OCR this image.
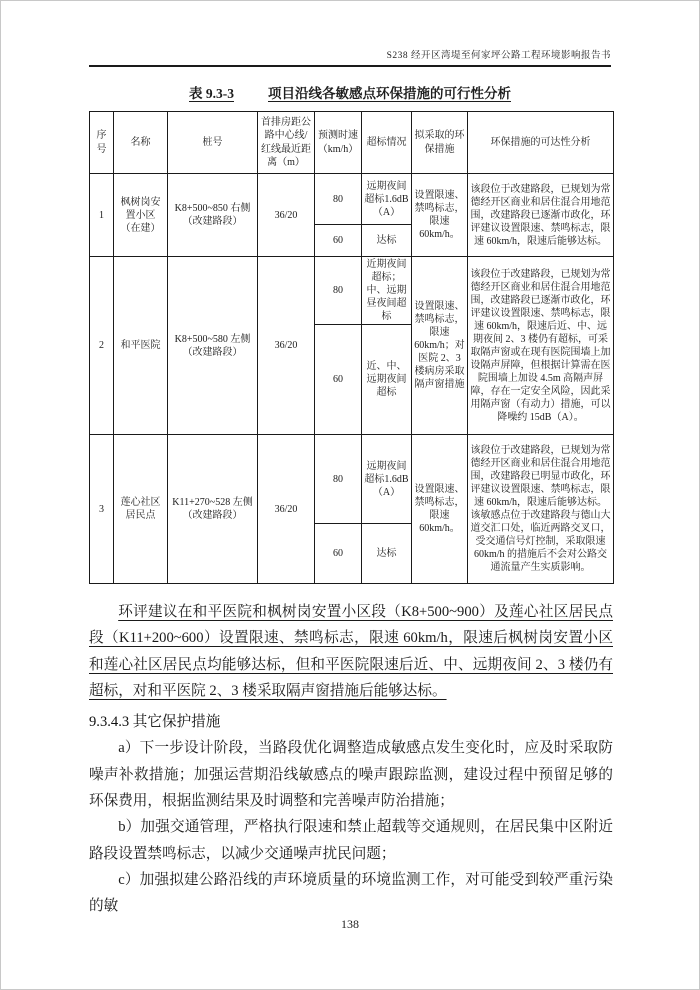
S238 经开区湾堤至何家坪公路工程环境影响报告书
表 9.3-3	项目沿线各敏感点环保措施的可行性分析
序号	名称	桩号	首排房距公路中心线/红线最近距离（m）	预测时速（km/h）	超标情况	拟采取的环保措施	环保措施的可达性分析
1	枫树岗安置小区（在建）	K8+500~850 右侧（改建路段）	36/20	80	远期夜间超标1.6dB（A）	设置限速、禁鸣标志，限速 60km/h。	该段位于改建路段，已规划为常德经开区商业和居住混合用地范围，改建路段已逐渐市政化，环评建议设置限速、禁鸣标志，限速 60km/h，限速后能够达标。
				60	达标		
2	和平医院	K8+500~580 左侧（改建路段）	36/20	80	近期夜间超标；中、远期昼夜间超标	设置限速、禁鸣标志，限速 60km/h；对医院 2、3 楼病房采取隔声窗措施	该段位于改建路段，已规划为常德经开区商业和居住混合用地范围，改建路段已逐渐市政化，环评建议设置限速、禁鸣标志，限速 60km/h，限速后近、中、远期夜间 2、3 楼仍有超标，可采取隔声窗或在现有医院围墙上加设隔声屏障，但根据计算需在医院围墙上加设 4.5m 高隔声屏障，存在一定安全风险，因此采用隔声窗（有动力）措施，可以降噪约 15dB（A）。
				60	近、中、远期夜间超标		
3	莲心社区居民点	K11+270~528 左侧（改建路段）	36/20	80	远期夜间超标1.6dB（A）	设置限速、禁鸣标志，限速 60km/h。	该段位于改建路段，已规划为常德经开区商业和居住混合用地范围，改建路段已明显市政化，环评建议设置限速、禁鸣标志，限速 60km/h，限速后能够达标。该敏感点位于改建路段与德山大道交汇口处，临近两路交叉口，受交通信号灯控制，采取限速 60km/h 的措施后不会对公路交通流量产生实质影响。
				60	达标		

环评建议在和平医院和枫树岗安置小区段（K8+500~900）及莲心社区居民点段（K11+200~600）设置限速、禁鸣标志，限速 60km/h，限速后枫树岗安置小区和莲心社区居民点均能够达标，但和平医院限速后近、中、远期夜间 2、3 楼仍有超标，对和平医院 2、3 楼采取隔声窗措施后能够达标。

9.3.4.3 其它保护措施

a）下一步设计阶段，当路段优化调整造成敏感点发生变化时，应及时采取防噪声补救措施；加强运营期沿线敏感点的噪声跟踪监测，建设过程中预留足够的环保费用，根据监测结果及时调整和完善噪声防治措施；

b）加强交通管理，严格执行限速和禁止超载等交通规则，在居民集中区附近路段设置禁鸣标志，以减少交通噪声扰民问题；

c）加强拟建公路沿线的声环境质量的环境监测工作，对可能受到较严重污染的敏

138
